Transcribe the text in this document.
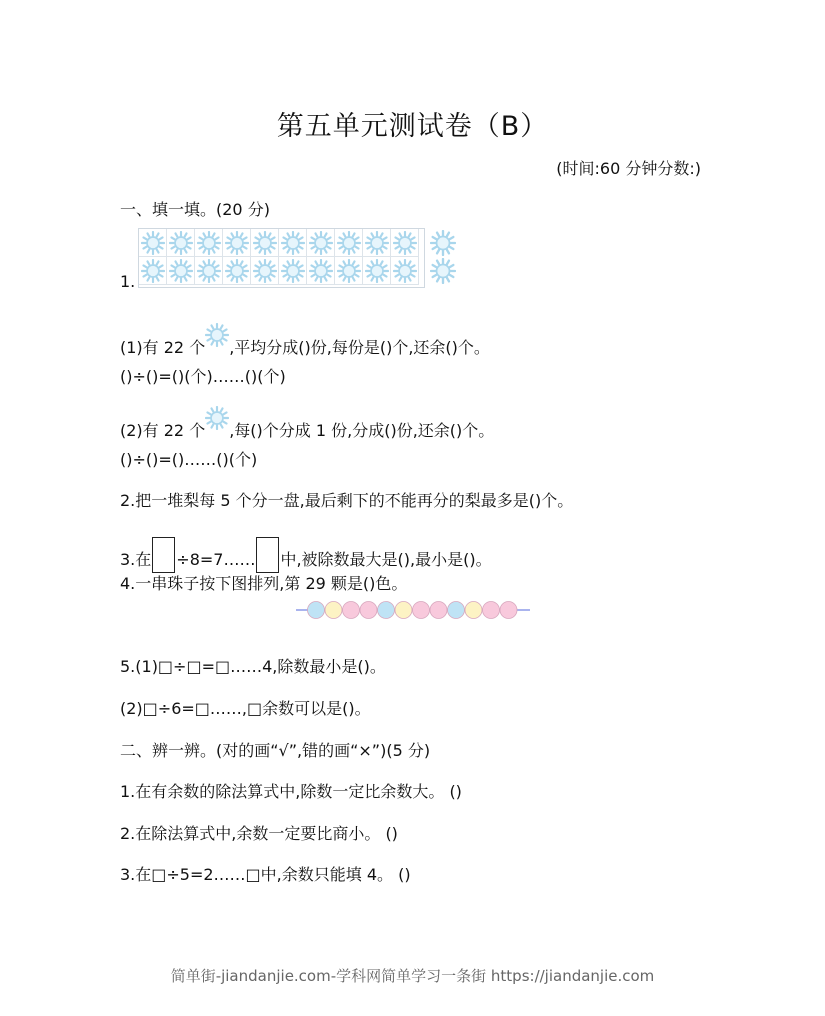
第五单元测试卷（B）
(时间:60 分钟分数:)
一、填一填。(20 分)
1.
(1)有 22 个 ,平均分成()份,每份是()个,还余()个。
()÷()=()(个)……()(个)
(2)有 22 个 ,每()个分成 1 份,分成()份,还余()个。
()÷()=()……()(个)
2.把一堆梨每 5 个分一盘,最后剩下的不能再分的梨最多是()个。
3.在 ÷8=7…… 中,被除数最大是(),最小是()。
4.一串珠子按下图排列,第 29 颗是()色。
5.(1)□÷□=□……4,除数最小是()。
(2)□÷6=□……,□余数可以是()。
二、辨一辨。(对的画“√”,错的画“×”)(5 分)
1.在有余数的除法算式中,除数一定比余数大。 ()
2.在除法算式中,余数一定要比商小。 ()
3.在□÷5=2……□中,余数只能填 4。 ()
简单街-jiandanjie.com-学科网简单学习一条街 https://jiandanjie.com
